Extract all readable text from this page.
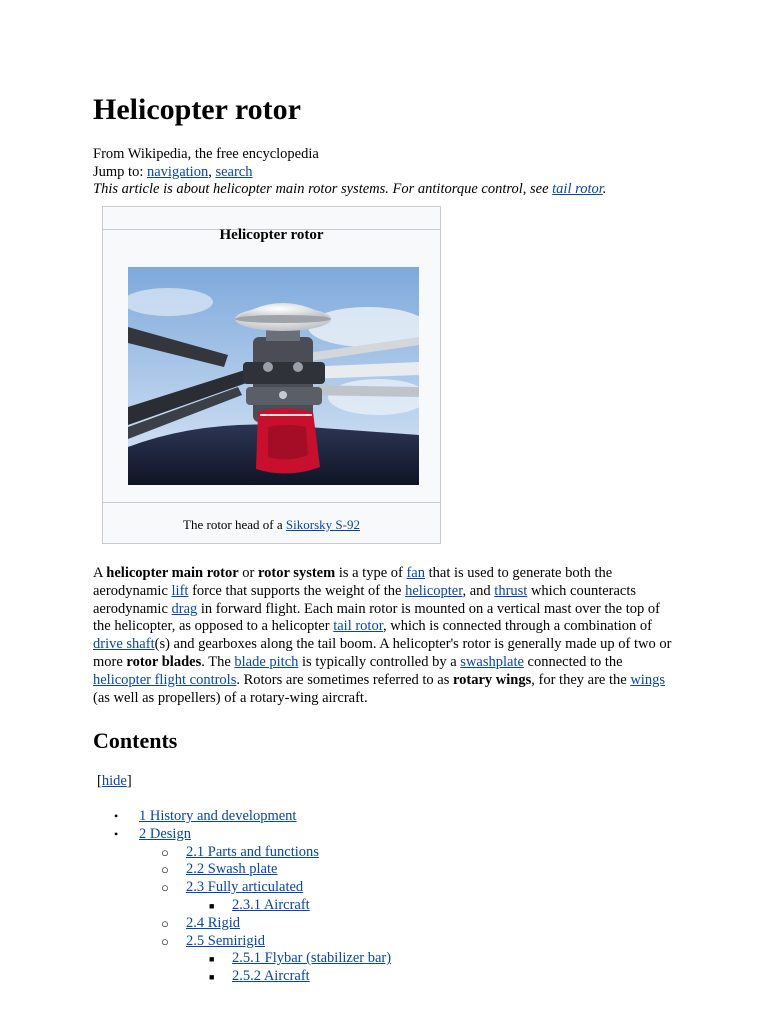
Helicopter rotor
From Wikipedia, the free encyclopedia
Jump to: navigation, search
This article is about helicopter main rotor systems. For antitorque control, see tail rotor.
Helicopter rotor
The rotor head of a Sikorsky S-92

A helicopter main rotor or rotor system is a type of fan that is used to generate both the aerodynamic lift force that supports the weight of the helicopter, and thrust which counteracts aerodynamic drag in forward flight. Each main rotor is mounted on a vertical mast over the top of the helicopter, as opposed to a helicopter tail rotor, which is connected through a combination of drive shaft(s) and gearboxes along the tail boom. A helicopter's rotor is generally made up of two or more rotor blades. The blade pitch is typically controlled by a swashplate connected to the helicopter flight controls. Rotors are sometimes referred to as rotary wings, for they are the wings (as well as propellers) of a rotary-wing aircraft.

Contents
[hide]
• 1 History and development
• 2 Design
○ 2.1 Parts and functions
○ 2.2 Swash plate
○ 2.3 Fully articulated
■ 2.3.1 Aircraft
○ 2.4 Rigid
○ 2.5 Semirigid
■ 2.5.1 Flybar (stabilizer bar)
■ 2.5.2 Aircraft
